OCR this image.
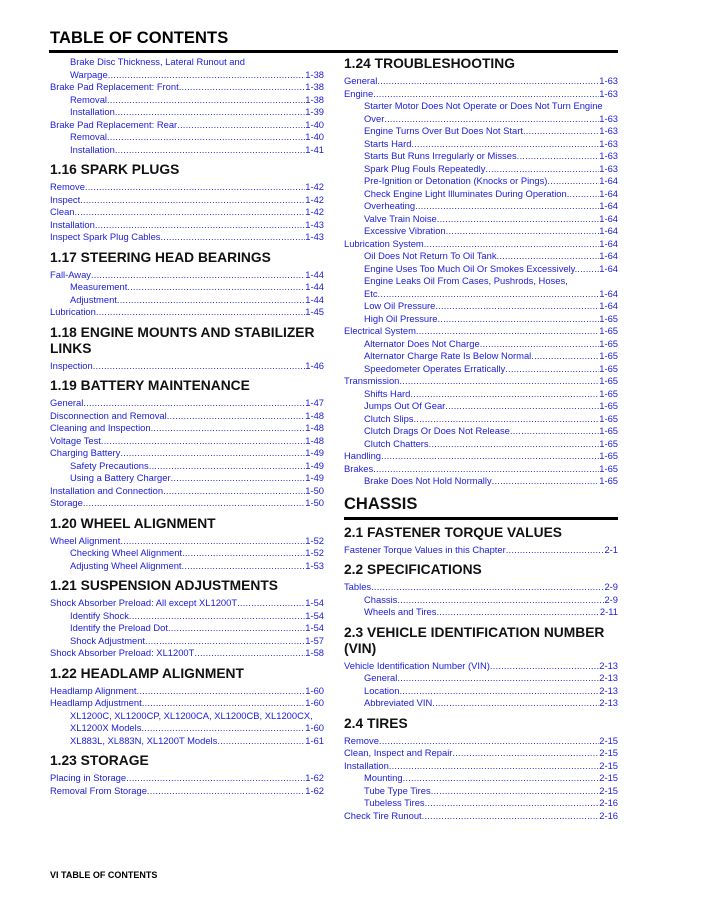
TABLE OF CONTENTS
Brake Disc Thickness, Lateral Runout and
Warpage .....	1-38
Brake Pad Replacement: Front .....	1-38
Removal .....	1-38
Installation .....	1-39
Brake Pad Replacement: Rear .....	1-40
Removal .....	1-40
Installation .....	1-41
1.16 SPARK PLUGS
Remove .....	1-42
Inspect .....	1-42
Clean .....	1-42
Installation .....	1-43
Inspect Spark Plug Cables .....	1-43
1.17 STEERING HEAD BEARINGS
Fall-Away .....	1-44
Measurement .....	1-44
Adjustment .....	1-44
Lubrication .....	1-45
1.18 ENGINE MOUNTS AND STABILIZER LINKS
Inspection .....	1-46
1.19 BATTERY MAINTENANCE
General .....	1-47
Disconnection and Removal .....	1-48
Cleaning and Inspection .....	1-48
Voltage Test .....	1-48
Charging Battery .....	1-49
Safety Precautions .....	1-49
Using a Battery Charger .....	1-49
Installation and Connection .....	1-50
Storage .....	1-50
1.20 WHEEL ALIGNMENT
Wheel Alignment .....	1-52
Checking Wheel Alignment .....	1-52
Adjusting Wheel Alignment .....	1-53
1.21 SUSPENSION ADJUSTMENTS
Shock Absorber Preload: All except XL1200T .....	1-54
Identify Shock .....	1-54
Identify the Preload Dot .....	1-54
Shock Adjustment .....	1-57
Shock Absorber Preload: XL1200T .....	1-58
1.22 HEADLAMP ALIGNMENT
Headlamp Alignment .....	1-60
Headlamp Adjustment .....	1-60
XL1200C, XL1200CP, XL1200CA, XL1200CB, XL1200CX,
XL1200X Models .....	1-60
XL883L, XL883N, XL1200T Models .....	1-61
1.23 STORAGE
Placing in Storage .....	1-62
Removal From Storage .....	1-62
1.24 TROUBLESHOOTING
General .....	1-63
Engine .....	1-63
Starter Motor Does Not Operate or Does Not Turn Engine
Over .....	1-63
Engine Turns Over But Does Not Start .....	1-63
Starts Hard .....	1-63
Starts But Runs Irregularly or Misses .....	1-63
Spark Plug Fouls Repeatedly .....	1-63
Pre-Ignition or Detonation (Knocks or Pings) .....	1-64
Check Engine Light Illuminates During Operation .....	1-64
Overheating .....	1-64
Valve Train Noise .....	1-64
Excessive Vibration .....	1-64
Lubrication System .....	1-64
Oil Does Not Return To Oil Tank .....	1-64
Engine Uses Too Much Oil Or Smokes Excessively. ..... 1-64
Engine Leaks Oil From Cases, Pushrods, Hoses,
Etc .....	1-64
Low Oil Pressure .....	1-64
High Oil Pressure .....	1-65
Electrical System .....	1-65
Alternator Does Not Charge .....	1-65
Alternator Charge Rate Is Below Normal .....	1-65
Speedometer Operates Erratically .....	1-65
Transmission .....	1-65
Shifts Hard .....	1-65
Jumps Out Of Gear .....	1-65
Clutch Slips .....	1-65
Clutch Drags Or Does Not Release .....	1-65
Clutch Chatters .....	1-65
Handling .....	1-65
Brakes .....	1-65
Brake Does Not Hold Normally .....	1-65
CHASSIS
2.1 FASTENER TORQUE VALUES
Fastener Torque Values in this Chapter .....	2-1
2.2 SPECIFICATIONS
Tables .....	2-9
Chassis .....	2-9
Wheels and Tires .....	2-11
2.3 VEHICLE IDENTIFICATION NUMBER (VIN)
Vehicle Identification Number (VIN) .....	2-13
General .....	2-13
Location .....	2-13
Abbreviated VIN .....	2-13
2.4 TIRES
Remove .....	2-15
Clean, Inspect and Repair .....	2-15
Installation .....	2-15
Mounting .....	2-15
Tube Type Tires .....	2-15
Tubeless Tires .....	2-16
Check Tire Runout .....	2-16
VI TABLE OF CONTENTS
